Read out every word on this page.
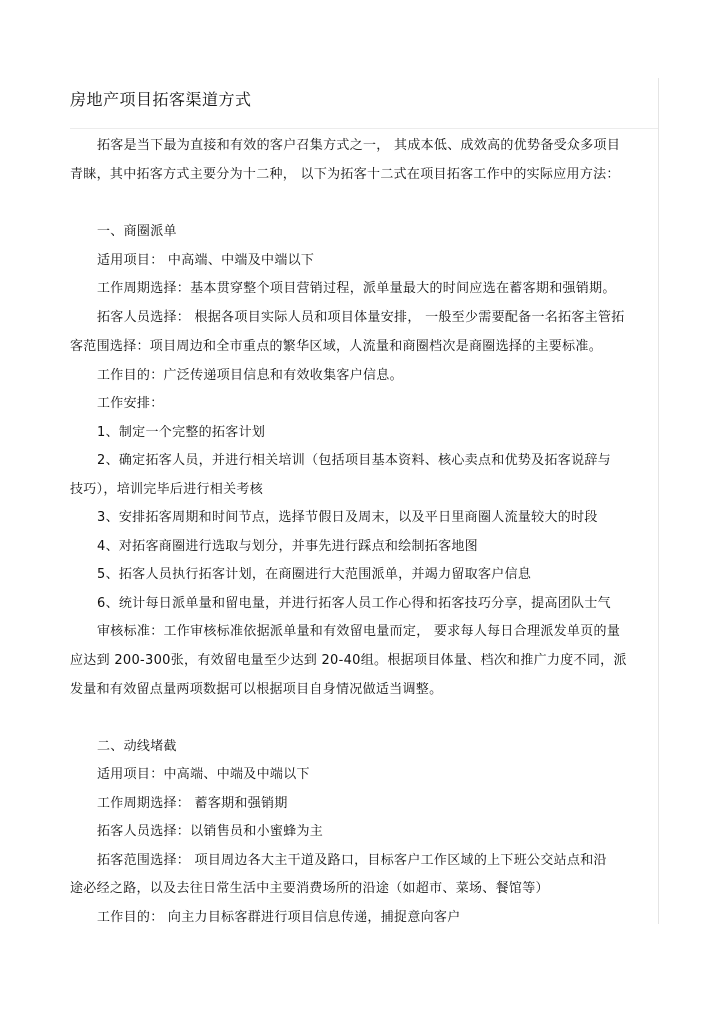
房地产项目拓客渠道方式
拓客是当下最为直接和有效的客户召集方式之一， 其成本低、成效高的优势备受众多项目
青睐，其中拓客方式主要分为十二种， 以下为拓客十二式在项目拓客工作中的实际应用方法：
一、商圈派单
适用项目： 中高端、中端及中端以下
工作周期选择：基本贯穿整个项目营销过程，派单量最大的时间应选在蓄客期和强销期。
拓客人员选择： 根据各项目实际人员和项目体量安排， 一般至少需要配备一名拓客主管拓
客范围选择：项目周边和全市重点的繁华区域，人流量和商圈档次是商圈选择的主要标准。
工作目的：广泛传递项目信息和有效收集客户信息。
工作安排：
1、制定一个完整的拓客计划
2、确定拓客人员，并进行相关培训（包括项目基本资料、核心卖点和优势及拓客说辞与
技巧），培训完毕后进行相关考核
3、安排拓客周期和时间节点，选择节假日及周末，以及平日里商圈人流量较大的时段
4、对拓客商圈进行选取与划分，并事先进行踩点和绘制拓客地图
5、拓客人员执行拓客计划，在商圈进行大范围派单，并竭力留取客户信息
6、统计每日派单量和留电量，并进行拓客人员工作心得和拓客技巧分享，提高团队士气
审核标准：工作审核标准依据派单量和有效留电量而定， 要求每人每日合理派发单页的量
应达到 200-300张，有效留电量至少达到 20-40组。根据项目体量、档次和推广力度不同，派
发量和有效留点量两项数据可以根据项目自身情况做适当调整。
二、动线堵截
适用项目：中高端、中端及中端以下
工作周期选择： 蓄客期和强销期
拓客人员选择：以销售员和小蜜蜂为主
拓客范围选择： 项目周边各大主干道及路口，目标客户工作区域的上下班公交站点和沿
途必经之路，以及去往日常生活中主要消费场所的沿途（如超市、菜场、餐馆等）
工作目的： 向主力目标客群进行项目信息传递，捕捉意向客户
